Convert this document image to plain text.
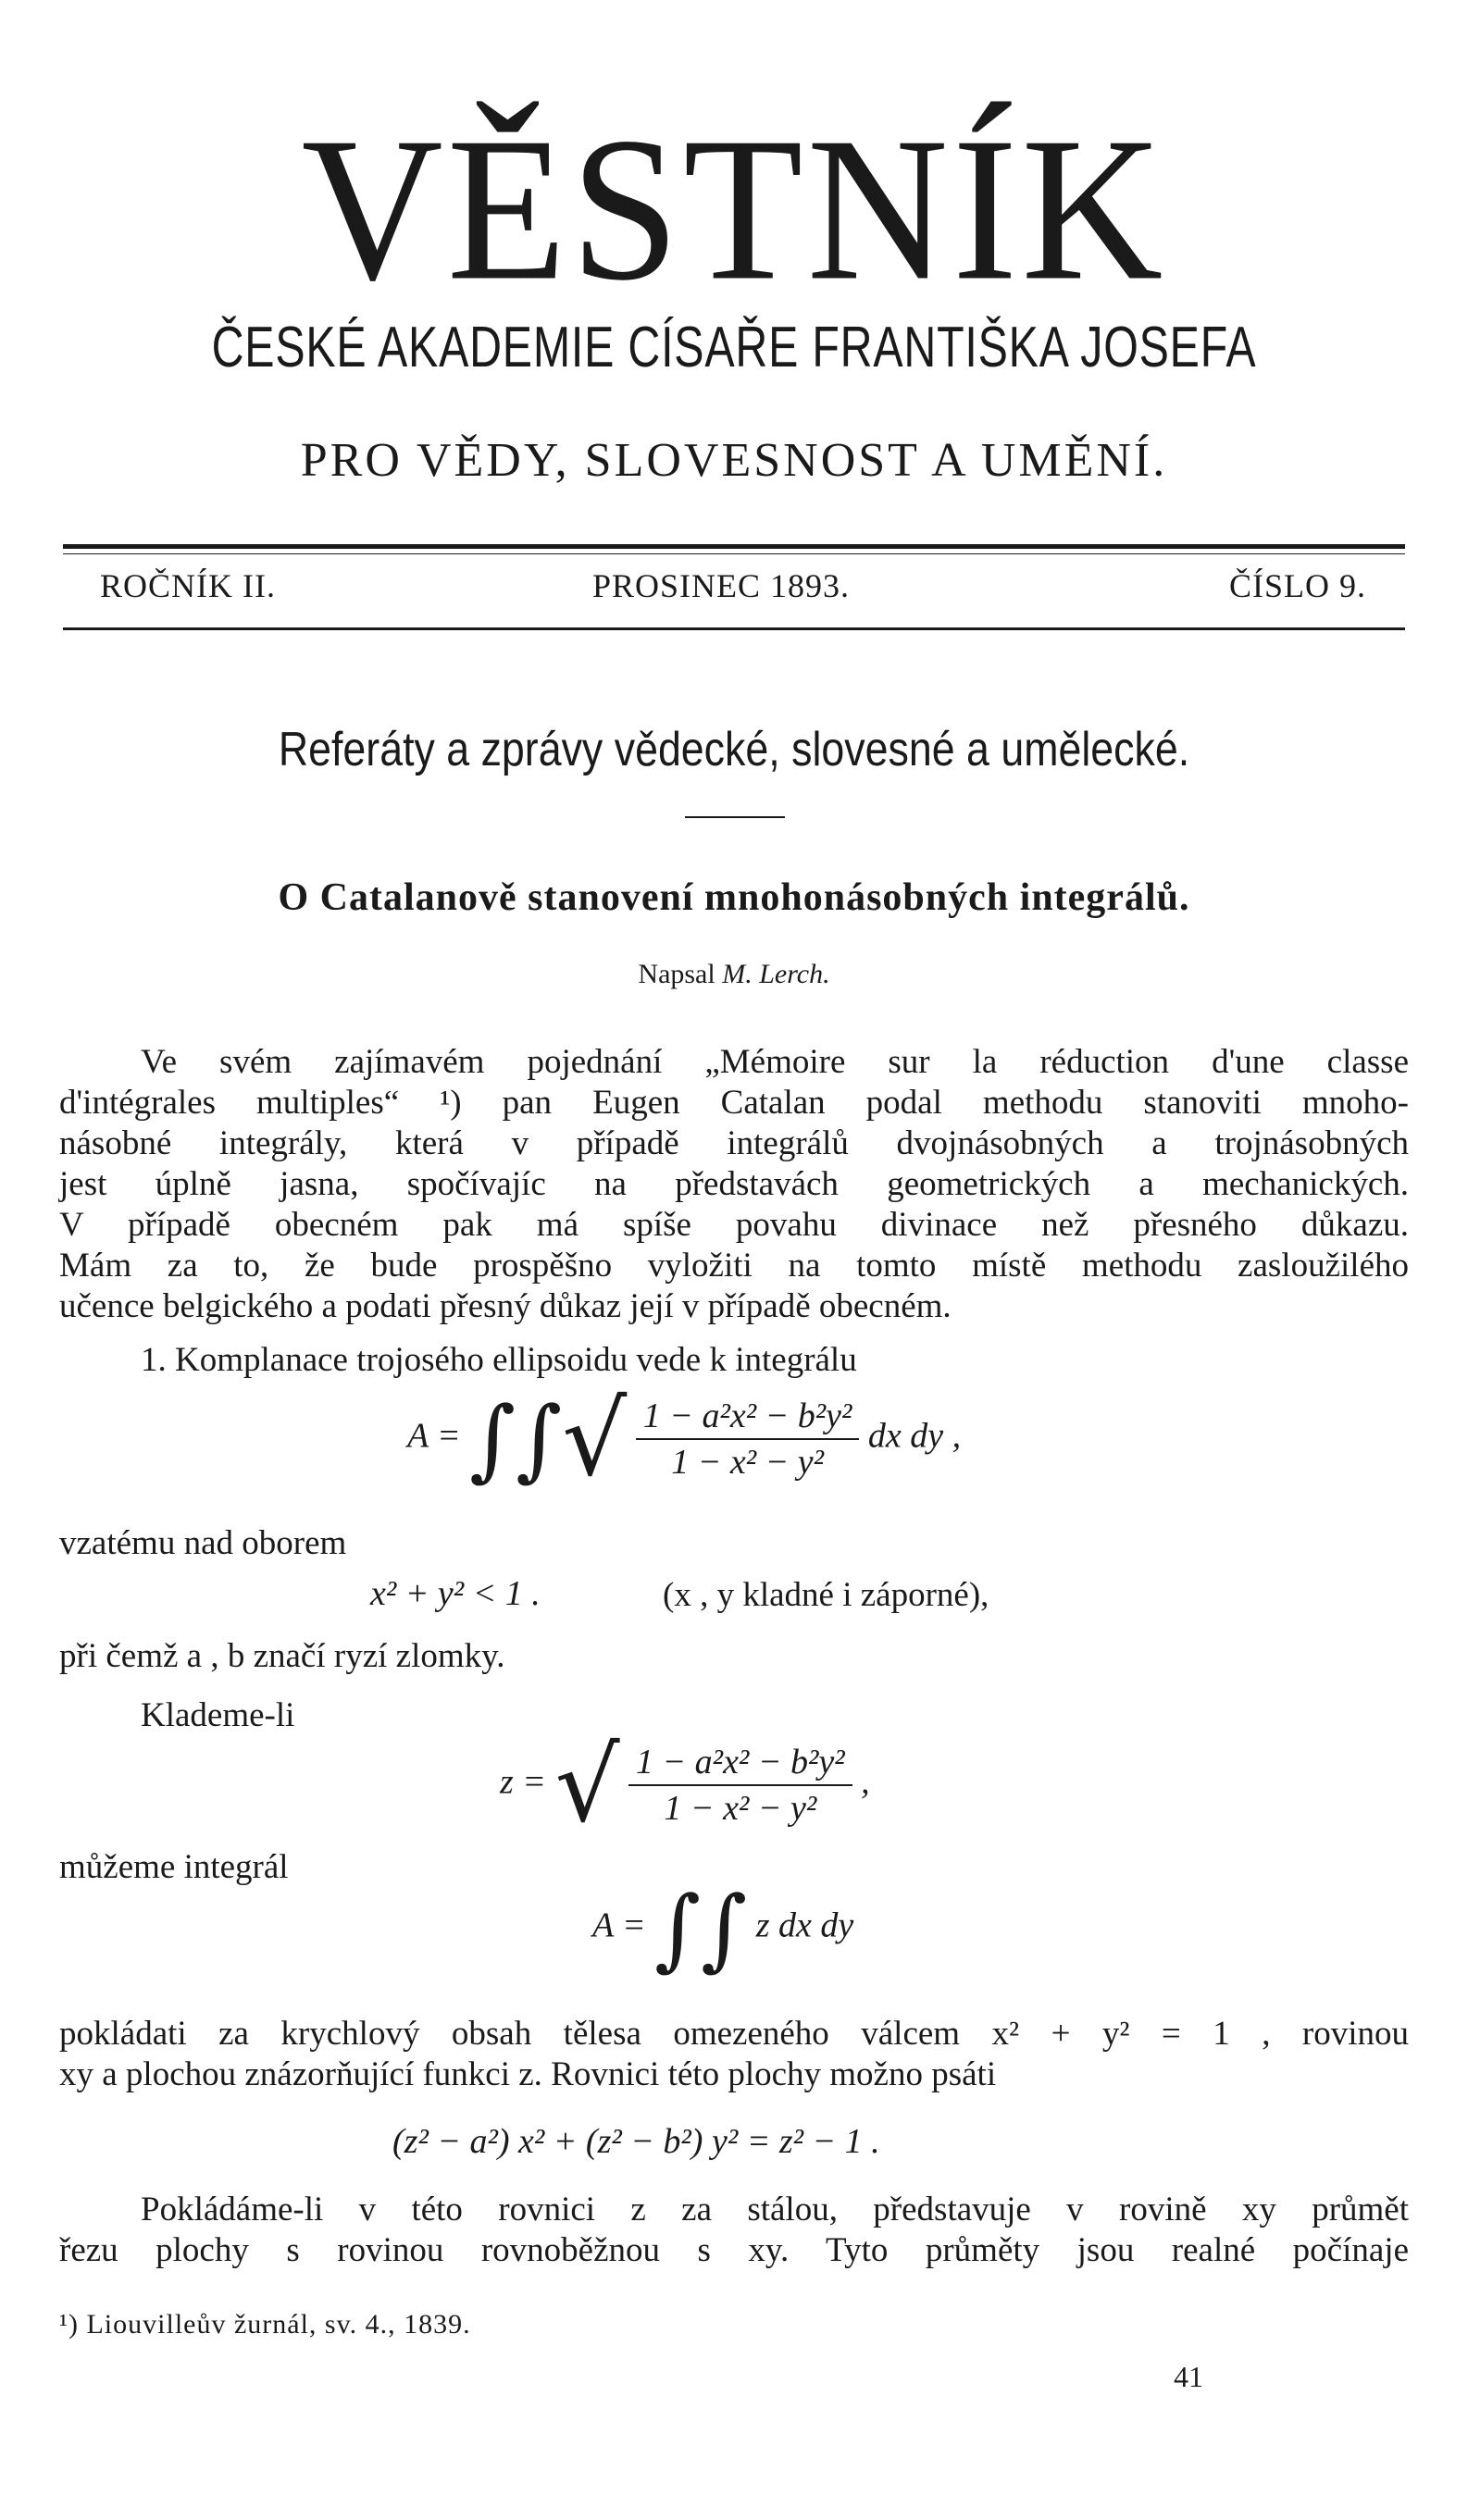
VĚSTNÍK
ČESKÉ AKADEMIE CÍSAŘE FRANTIŠKA JOSEFA
PRO VĚDY, SLOVESNOST A UMĚNÍ.
ROČNÍK II.	PROSINEC 1893.	ČÍSLO 9.
Referáty a zprávy vědecké, slovesné a umělecké.
O Catalanově stanovení mnohonásobných integrálů.
Napsal M. Lerch.
Ve svém zajímavém pojednání „Mémoire sur la réduction d'une classe
d'intégrales multiples“ ¹) pan Eugen Catalan podal methodu stanoviti mnoho-
násobné integrály, která v případě integrálů dvojnásobných a trojnásobných
jest úplně jasna, spočívajíc na představách geometrických a mechanických.
V případě obecném pak má spíše povahu divinace než přesného důkazu.
Mám za to, že bude prospěšno vyložiti na tomto místě methodu zasloužilého
učence belgického a podati přesný důkaz její v případě obecném.
1. Komplanace trojosého ellipsoidu vede k integrálu
A = ∫∫√ $\frac{\text{1 − a²x² − b²y²}}{\text{1 − x² − y²}}$ dx dy ,
vzatému nad oborem
x² + y² < 1 .	(x , y kladné i záporné),
při čemž a , b značí ryzí zlomky.
Klademe-li
z = √ $\frac{\text{1 − a²x² − b²y²}}{\text{1 − x² − y²}}$ ,
můžeme integrál
A = ∫∫ z dx dy
pokládati za krychlový obsah tělesa omezeného válcem x² + y² = 1 , rovinou
xy a plochou znázorňující funkci z. Rovnici této plochy možno psáti
(z² − a²) x² + (z² − b²) y² = z² − 1 .
Pokládáme-li v této rovnici z za stálou, představuje v rovině xy průmět
řezu plochy s rovinou rovnoběžnou s xy. Tyto průměty jsou realné počínaje
¹) Liouvilleův žurnál, sv. 4., 1839.
41
